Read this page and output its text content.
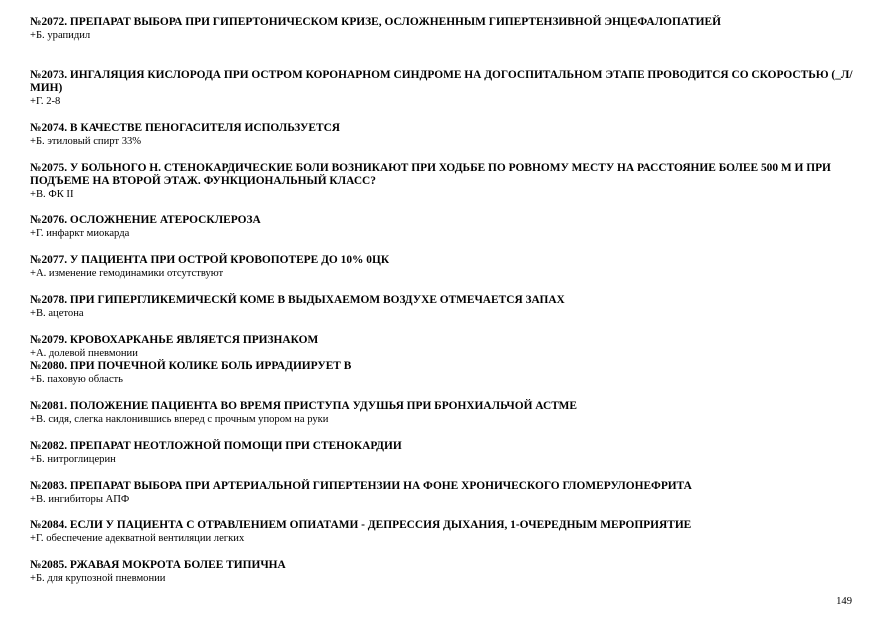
№2072. ПРЕПАРАТ ВЫБОРА ПРИ ГИПЕРТОНИЧЕСКОМ КРИЗЕ, ОСЛОЖНЕННЫМ ГИПЕРТЕНЗИВНОЙ ЭНЦЕФАЛОПАТИЕЙ

+Б. урапидил

№2073. ИНГАЛЯЦИЯ КИСЛОРОДА ПРИ ОСТРОМ КОРОНАРНОМ СИНДРОМЕ НА ДОГОСПИТАЛЬНОМ ЭТАПЕ ПРОВОДИТСЯ СО СКОРОСТЬЮ (_Л/МИН)

+Г. 2-8

№2074. В КАЧЕСТВЕ ПЕНОГАСИТЕЛЯ ИСПОЛЬЗУЕТСЯ

+Б. этиловый спирт 33%

№2075. У БОЛЬНОГО Н. СТЕНОКАРДИЧЕСКИЕ БОЛИ ВОЗНИКАЮТ ПРИ ХОДЬБЕ ПО РОВНОМУ МЕСТУ НА РАССТОЯНИЕ БОЛЕЕ 500 М И ПРИ ПОДЪЕМЕ НА ВТОРОЙ ЭТАЖ. ФУНКЦИОНАЛЬНЫЙ КЛАСС?

+В. ФК II

№2076. ОСЛОЖНЕНИЕ АТЕРОСКЛЕРОЗА

+Г. инфаркт миокарда

№2077. У ПАЦИЕНТА ПРИ ОСТРОЙ КРОВОПОТЕРЕ ДО 10% 0ЦК

+А. изменение гемодинамики отсутствуют

№2078. ПРИ ГИПЕРГЛИКЕМИЧЕСКЙ КОМЕ В ВЫДЫХАЕМОМ ВОЗДУХЕ ОТМЕЧАЕТСЯ ЗАПАХ

+В. ацетона

№2079. КРОВОХАРКАНЬЕ ЯВЛЯЕТСЯ ПРИЗНАКОМ

+А. долевой пневмонии

№2080. ПРИ ПОЧЕЧНОЙ КОЛИКЕ БОЛЬ ИРРАДИИРУЕТ В

+Б. паховую область

№2081. ПОЛОЖЕНИЕ ПАЦИЕНТА ВО ВРЕМЯ ПРИСТУПА УДУШЬЯ ПРИ БРОНХИАЛЬЧОЙ АСТМЕ

+В. сидя, слегка наклонившись вперед с прочным упором на руки

№2082. ПРЕПАРАТ НЕОТЛОЖНОЙ ПОМОЩИ ПРИ СТЕНОКАРДИИ

+Б. нитроглицерин

№2083. ПРЕПАРАТ ВЫБОРА ПРИ АРТЕРИАЛЬНОЙ ГИПЕРТЕНЗИИ НА ФОНЕ ХРОНИЧЕСКОГО ГЛОМЕРУЛОНЕФРИТА

+В. ингибиторы АПФ

№2084. ЕСЛИ У ПАЦИЕНТА С ОТРАВЛЕНИЕМ ОПИАТАМИ - ДЕПРЕССИЯ ДЫХАНИЯ, 1-ОЧЕРЕДНЫМ МЕРОПРИЯТИЕ

+Г. обеспечение адекватной вентиляции легких

№2085. РЖАВАЯ МОКРОТА БОЛЕЕ ТИПИЧНА

+Б. для крупозной пневмонии

149
